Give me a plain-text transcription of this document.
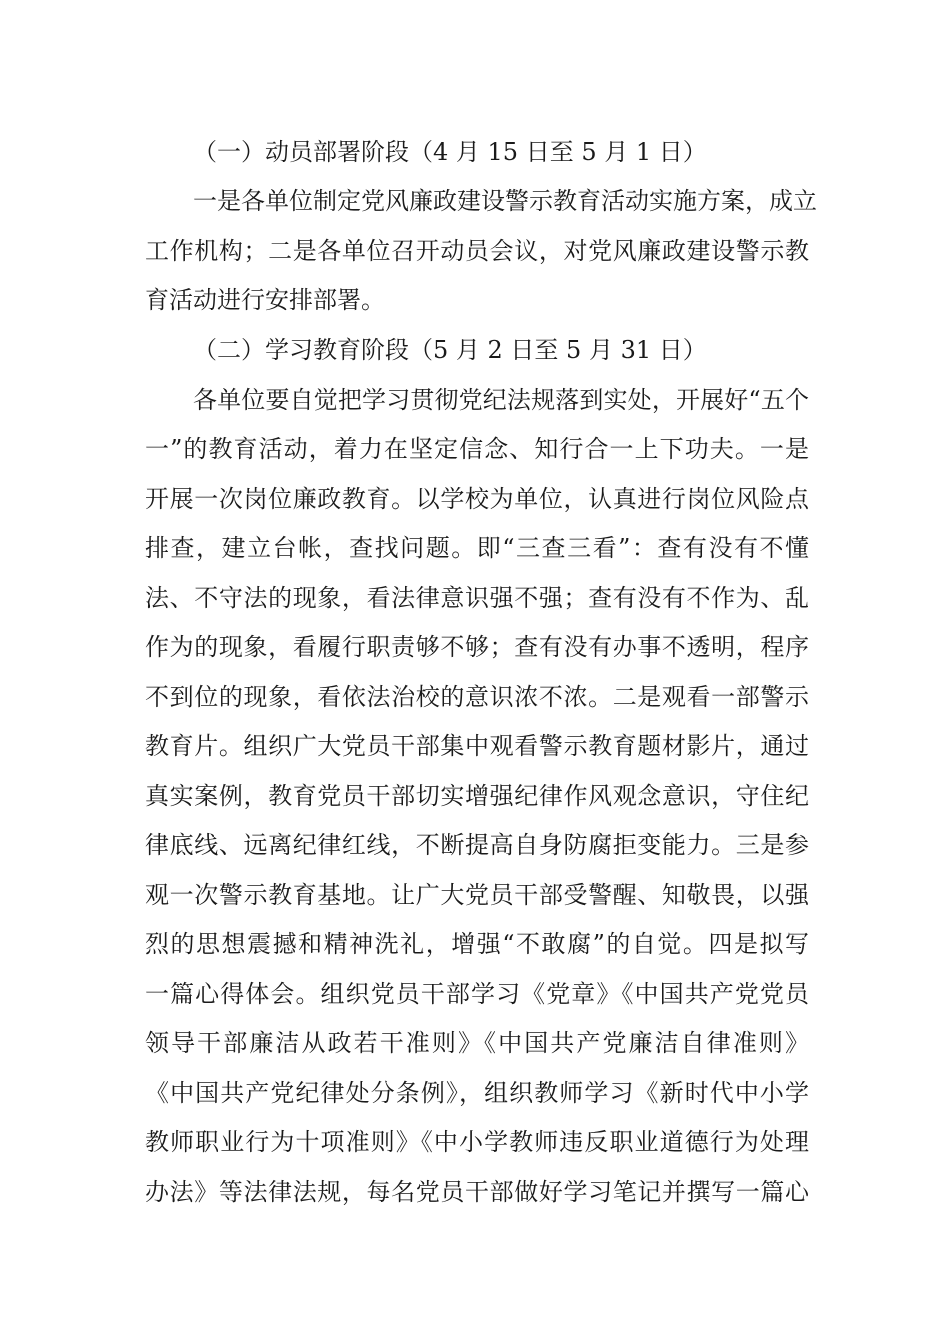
（一）动员部署阶段（4 月 15 日至 5 月 1 日）
一是各单位制定党风廉政建设警示教育活动实施方案，成立
工作机构；二是各单位召开动员会议，对党风廉政建设警示教
育活动进行安排部署。
（二）学习教育阶段（5 月 2 日至 5 月 31 日）
各单位要自觉把学习贯彻党纪法规落到实处，开展好“五个
一”的教育活动，着力在坚定信念、知行合一上下功夫。一是
开展一次岗位廉政教育。以学校为单位，认真进行岗位风险点
排查，建立台帐，查找问题。即“三查三看”：查有没有不懂
法、不守法的现象，看法律意识强不强；查有没有不作为、乱
作为的现象，看履行职责够不够；查有没有办事不透明，程序
不到位的现象，看依法治校的意识浓不浓。二是观看一部警示
教育片。组织广大党员干部集中观看警示教育题材影片，通过
真实案例，教育党员干部切实增强纪律作风观念意识，守住纪
律底线、远离纪律红线，不断提高自身防腐拒变能力。三是参
观一次警示教育基地。让广大党员干部受警醒、知敬畏，以强
烈的思想震撼和精神洗礼，增强“不敢腐”的自觉。四是拟写
一篇心得体会。组织党员干部学习《党章》《中国共产党党员
领导干部廉洁从政若干准则》《中国共产党廉洁自律准则》
《中国共产党纪律处分条例》，组织教师学习《新时代中小学
教师职业行为十项准则》《中小学教师违反职业道德行为处理
办法》等法律法规，每名党员干部做好学习笔记并撰写一篇心
